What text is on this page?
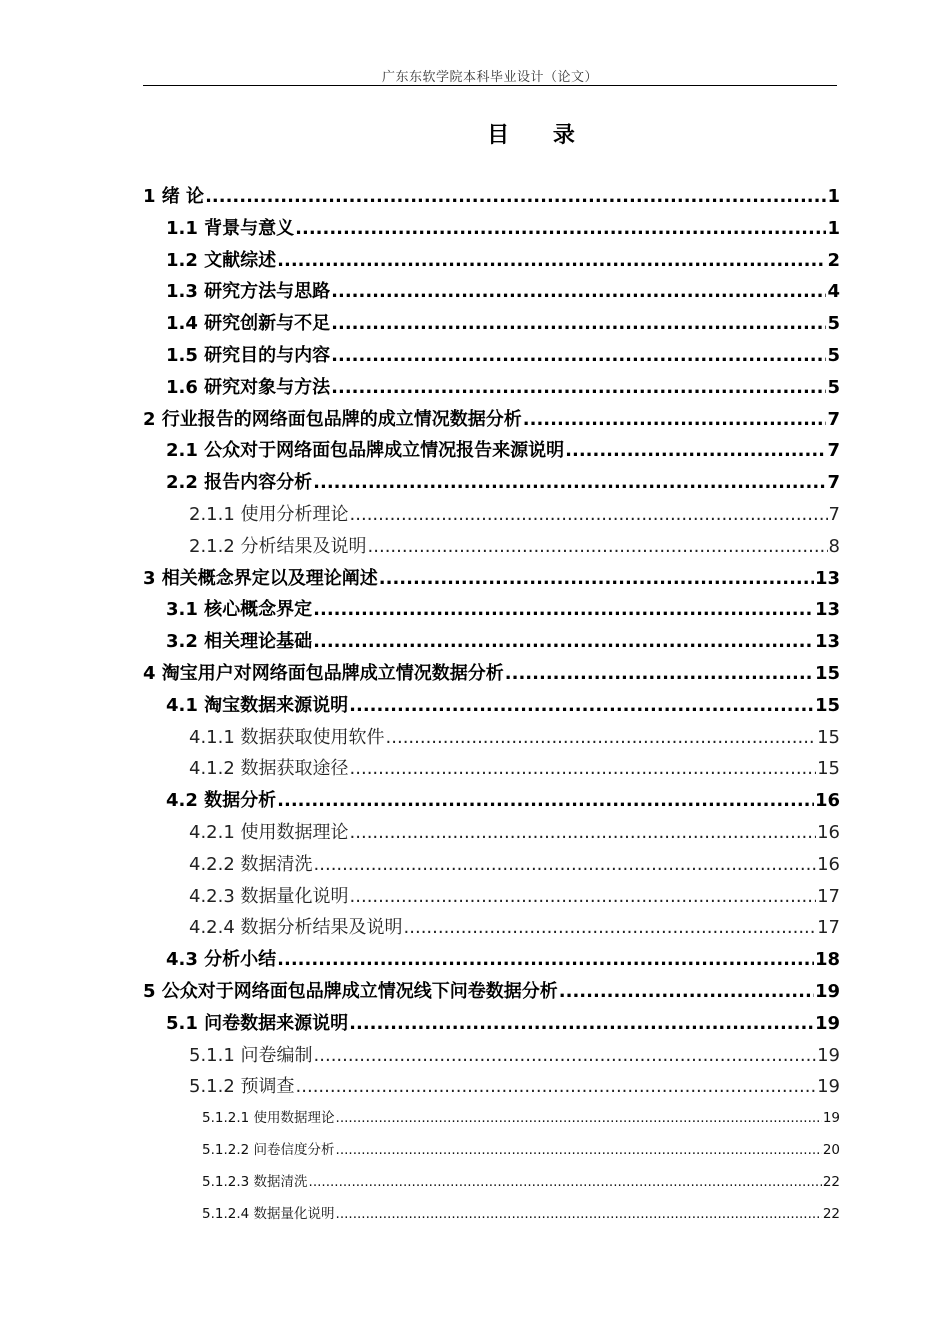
广东东软学院本科毕业设计（论文）
目 录
1 绪 论 .....	1
1.1 背景与意义 .....	1
1.2 文献综述 .....	2
1.3 研究方法与思路 .....	4
1.4 研究创新与不足 .....	5
1.5 研究目的与内容 .....	5
1.6 研究对象与方法 .....	5
2 行业报告的网络面包品牌的成立情况数据分析 .....	7
2.1 公众对于网络面包品牌成立情况报告来源说明 .....	7
2.2 报告内容分析 .....	7
2.1.1 使用分析理论 .....	7
2.1.2 分析结果及说明 .....	8
3 相关概念界定以及理论阐述 .....	13
3.1 核心概念界定 .....	13
3.2 相关理论基础 .....	13
4 淘宝用户对网络面包品牌成立情况数据分析 .....	15
4.1 淘宝数据来源说明 .....	15
4.1.1 数据获取使用软件 .....	15
4.1.2 数据获取途径 .....	15
4.2 数据分析 .....	16
4.2.1 使用数据理论 .....	16
4.2.2 数据清洗 .....	16
4.2.3 数据量化说明 .....	17
4.2.4 数据分析结果及说明 .....	17
4.3 分析小结 .....	18
5 公众对于网络面包品牌成立情况线下问卷数据分析 .....	19
5.1 问卷数据来源说明 .....	19
5.1.1 问卷编制 .....	19
5.1.2 预调查 .....	19
5.1.2.1 使用数据理论 .....	19
5.1.2.2 问卷信度分析 .....	20
5.1.2.3 数据清洗 .....	22
5.1.2.4 数据量化说明 .....	22
